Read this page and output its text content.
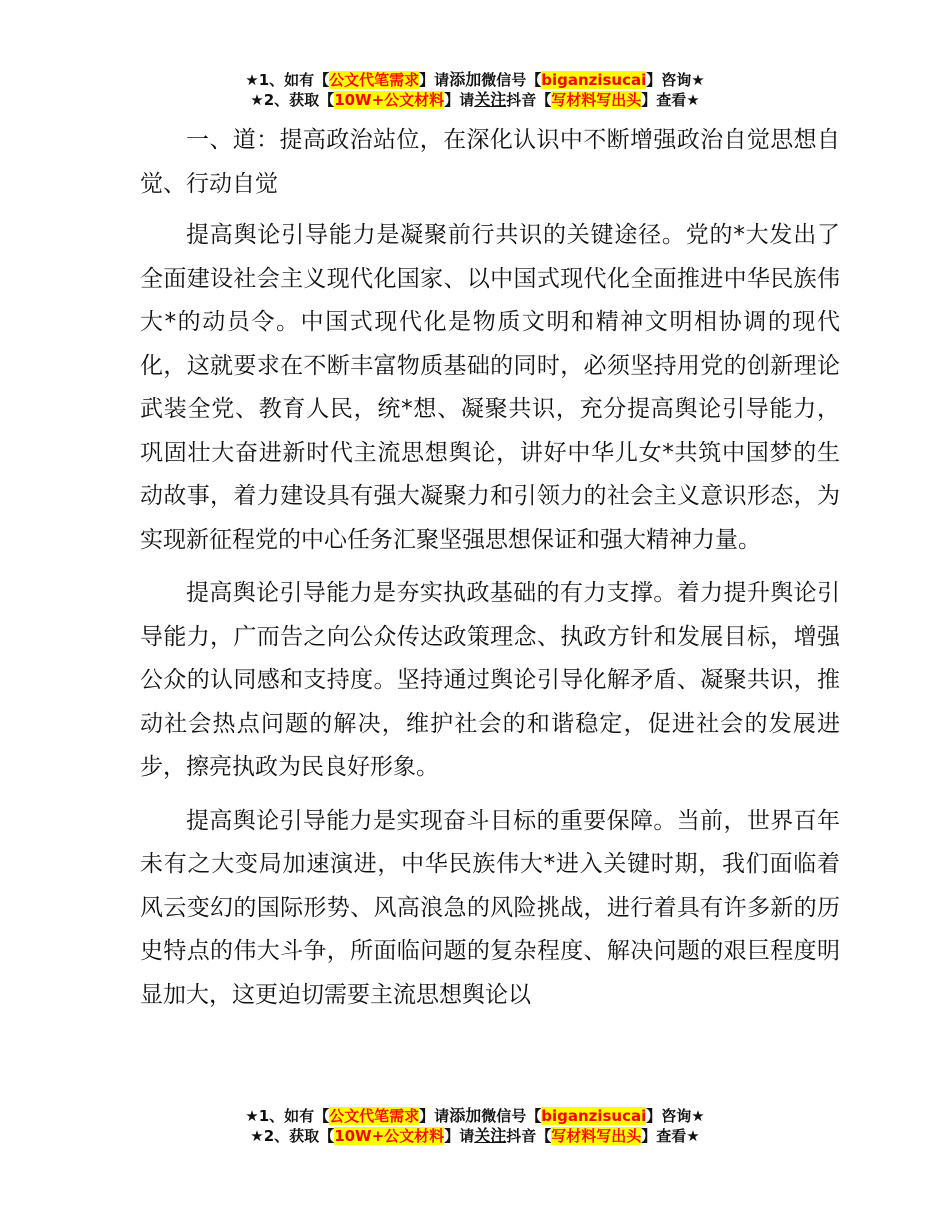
★1、如有【公文代笔需求】请添加微信号【biganzisucai】咨询★
★2、获取【10W+公文材料】请关注抖音【写材料写出头】查看★

一、道：提高政治站位，在深化认识中不断增强政治自觉思想自觉、行动自觉

提高舆论引导能力是凝聚前行共识的关键途径。党的*大发出了全面建设社会主义现代化国家、以中国式现代化全面推进中华民族伟大*的动员令。中国式现代化是物质文明和精神文明相协调的现代化，这就要求在不断丰富物质基础的同时，必须坚持用党的创新理论武装全党、教育人民，统*想、凝聚共识，充分提高舆论引导能力，巩固壮大奋进新时代主流思想舆论，讲好中华儿女*共筑中国梦的生动故事，着力建设具有强大凝聚力和引领力的社会主义意识形态，为实现新征程党的中心任务汇聚坚强思想保证和强大精神力量。

提高舆论引导能力是夯实执政基础的有力支撑。着力提升舆论引导能力，广而告之向公众传达政策理念、执政方针和发展目标，增强公众的认同感和支持度。坚持通过舆论引导化解矛盾、凝聚共识，推动社会热点问题的解决，维护社会的和谐稳定，促进社会的发展进步，擦亮执政为民良好形象。

提高舆论引导能力是实现奋斗目标的重要保障。当前，世界百年未有之大变局加速演进，中华民族伟大*进入关键时期，我们面临着风云变幻的国际形势、风高浪急的风险挑战，进行着具有许多新的历史特点的伟大斗争，所面临问题的复杂程度、解决问题的艰巨程度明显加大，这更迫切需要主流思想舆论以

★1、如有【公文代笔需求】请添加微信号【biganzisucai】咨询★
★2、获取【10W+公文材料】请关注抖音【写材料写出头】查看★
